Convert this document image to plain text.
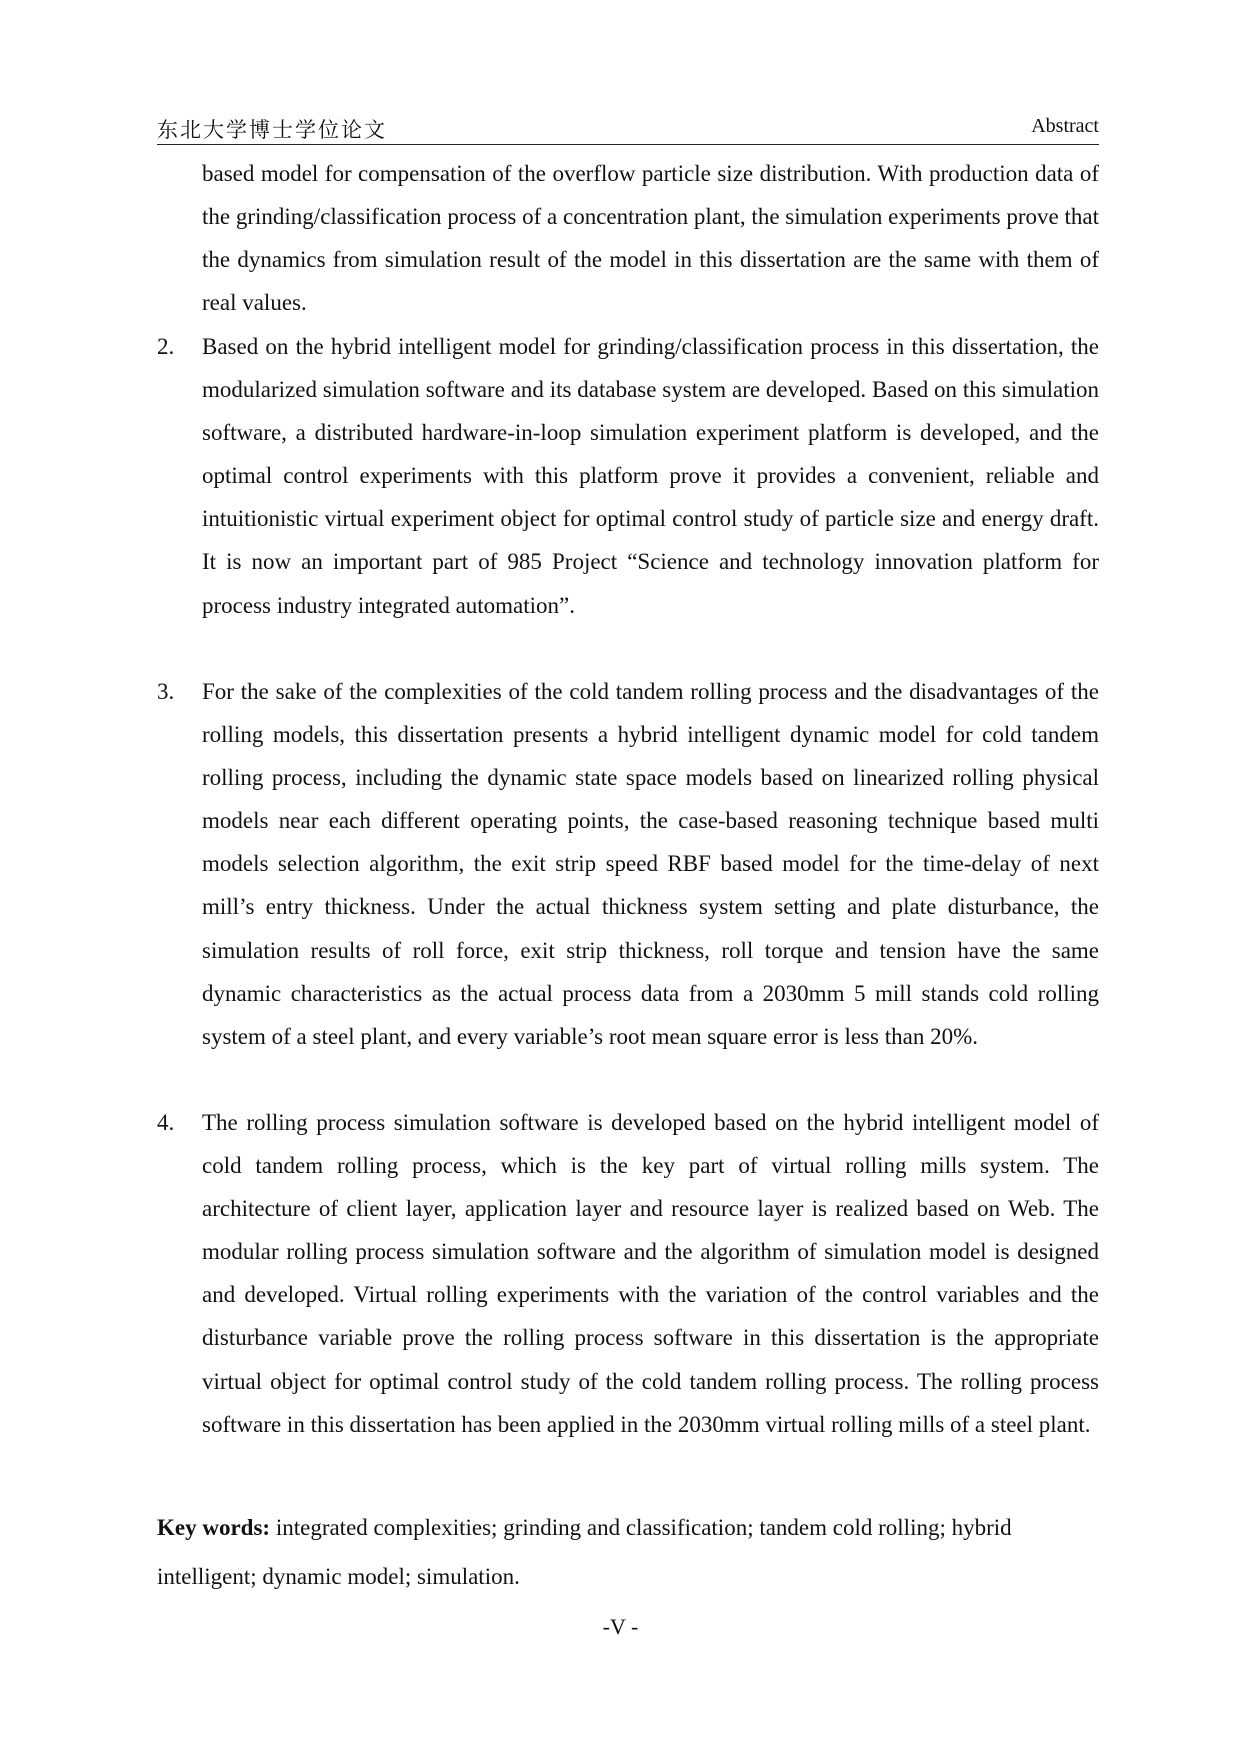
东北大学博士学位论文	Abstract
based model for compensation of the overflow particle size distribution. With production data of the grinding/classification process of a concentration plant, the simulation experiments prove that the dynamics from simulation result of the model in this dissertation are the same with them of real values.
2. Based on the hybrid intelligent model for grinding/classification process in this dissertation, the modularized simulation software and its database system are developed. Based on this simulation software, a distributed hardware-in-loop simulation experiment platform is developed, and the optimal control experiments with this platform prove it provides a convenient, reliable and intuitionistic virtual experiment object for optimal control study of particle size and energy draft. It is now an important part of 985 Project “Science and technology innovation platform for process industry integrated automation”.
3. For the sake of the complexities of the cold tandem rolling process and the disadvantages of the rolling models, this dissertation presents a hybrid intelligent dynamic model for cold tandem rolling process, including the dynamic state space models based on linearized rolling physical models near each different operating points, the case-based reasoning technique based multi models selection algorithm, the exit strip speed RBF based model for the time-delay of next mill’s entry thickness. Under the actual thickness system setting and plate disturbance, the simulation results of roll force, exit strip thickness, roll torque and tension have the same dynamic characteristics as the actual process data from a 2030mm 5 mill stands cold rolling system of a steel plant, and every variable’s root mean square error is less than 20%.
4. The rolling process simulation software is developed based on the hybrid intelligent model of cold tandem rolling process, which is the key part of virtual rolling mills system. The architecture of client layer, application layer and resource layer is realized based on Web. The modular rolling process simulation software and the algorithm of simulation model is designed and developed. Virtual rolling experiments with the variation of the control variables and the disturbance variable prove the rolling process software in this dissertation is the appropriate virtual object for optimal control study of the cold tandem rolling process. The rolling process software in this dissertation has been applied in the 2030mm virtual rolling mills of a steel plant.
Key words: integrated complexities; grinding and classification; tandem cold rolling; hybrid intelligent; dynamic model; simulation.
-V -
